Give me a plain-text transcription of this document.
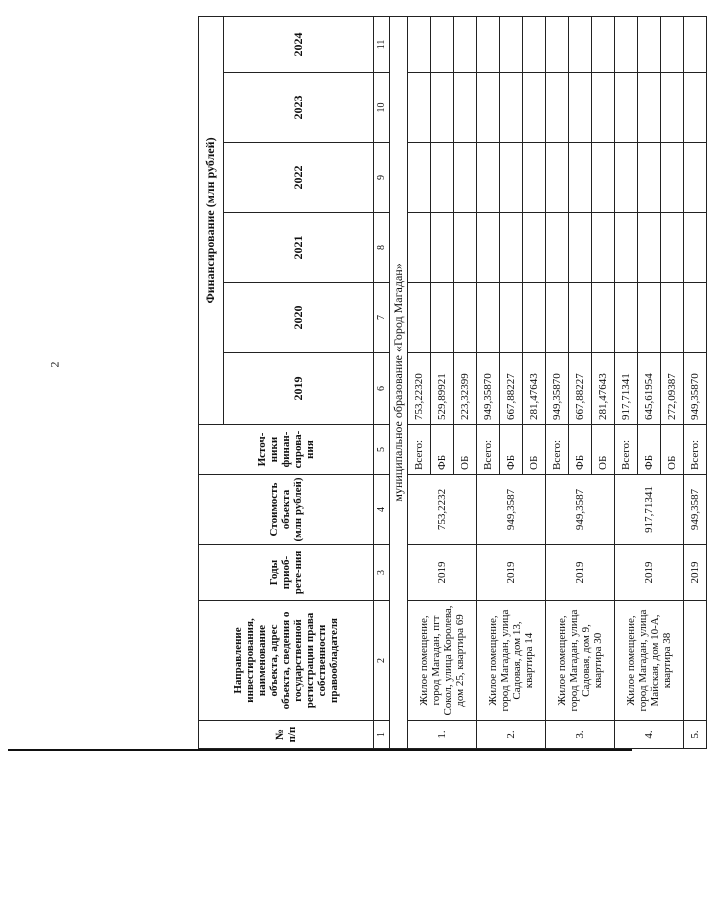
2
№ п/п	Направление инвестирования, наименование объекта, адрес объекта, сведения о государственной регистрации права собственности правообладателя	Годы приоб-рете-ния	Стоимость объекта (млн рублей)	Источ-ники финан-сирова-ния	Финансирование (млн рублей)					
					2019	2020	2021	2022	2023	2024
1	2	3	4	5	6	7	8	9	10	11
муниципальное образование «Город Магадан»										
1.	Жилое помещение, город Магадан, пгт Сокол, улица Королева, дом 25, квартира 69	2019	753,2232	Всего:	753,22320					
				ФБ	529,89921					
				ОБ	223,32399					
2.	Жилое помещение, город Магадан, улица Садовая, дом 13, квартира 14	2019	949,3587	Всего:	949,35870					
				ФБ	667,88227					
				ОБ	281,47643					
3.	Жилое помещение, город Магадан, улица Садовая, дом 9, квартира 30	2019	949,3587	Всего:	949,35870					
				ФБ	667,88227					
				ОБ	281,47643					
4.	Жилое помещение, город Магадан, улица Майская, дом 10-А, квартира 38	2019	917,71341	Всего:	917,71341					
				ФБ	645,61954					
				ОБ	272,09387					
5.		2019	949,3587	Всего:	949,35870					
